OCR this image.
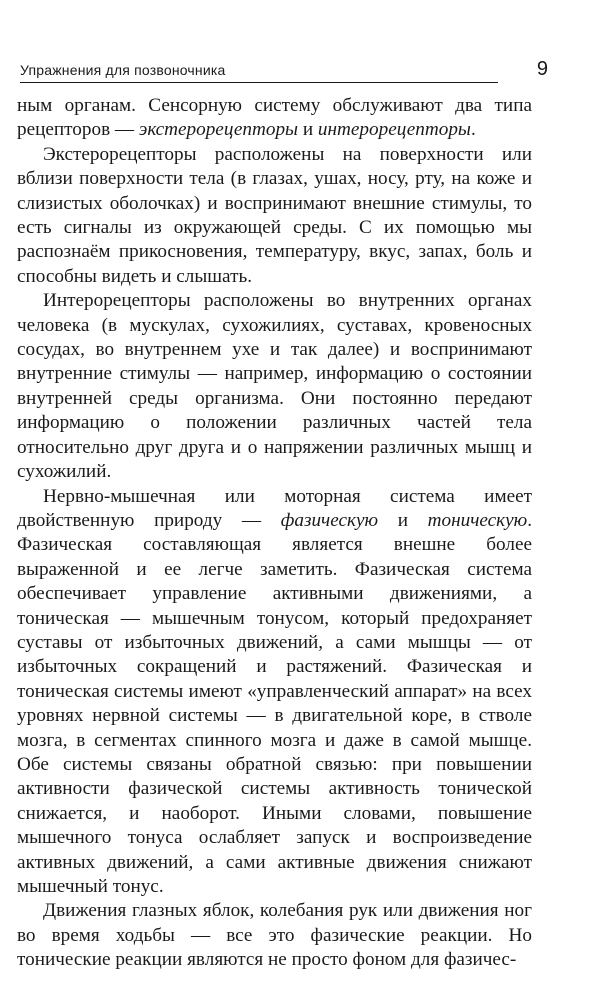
Упражнения для позвоночника	9

ным органам. Сенсорную систему обслуживают два типа рецепторов — экстерорецепторы и интерорецепторы.

Экстерорецепторы расположены на поверхности или вблизи поверхности тела (в глазах, ушах, носу, рту, на коже и слизистых оболочках) и воспринимают внешние стимулы, то есть сигналы из окружающей среды. С их помощью мы распознаём прикосновения, температуру, вкус, запах, боль и способны видеть и слышать.

Интерорецепторы расположены во внутренних органах человека (в мускулах, сухожилиях, суставах, кровеносных сосудах, во внутреннем ухе и так далее) и воспринимают внутренние стимулы — например, информацию о состоянии внутренней среды организма. Они постоянно передают информацию о положении различных частей тела относительно друг друга и о напряжении различных мышц и сухожилий.

Нервно-мышечная или моторная система имеет двойственную природу — фазическую и тоническую. Фазическая составляющая является внешне более выраженной и ее легче заметить. Фазическая система обеспечивает управление активными движениями, а тоническая — мышечным тонусом, который предохраняет суставы от избыточных движений, а сами мышцы — от избыточных сокращений и растяжений. Фазическая и тоническая системы имеют «управленческий аппарат» на всех уровнях нервной системы — в двигательной коре, в стволе мозга, в сегментах спинного мозга и даже в самой мышце. Обе системы связаны обратной связью: при повышении активности фазической системы активность тонической снижается, и наоборот. Иными словами, повышение мышечного тонуса ослабляет запуск и воспроизведение активных движений, а сами активные движения снижают мышечный тонус.

Движения глазных яблок, колебания рук или движения ног во время ходьбы — все это фазические реакции. Но тонические реакции являются не просто фоном для фазичес-
